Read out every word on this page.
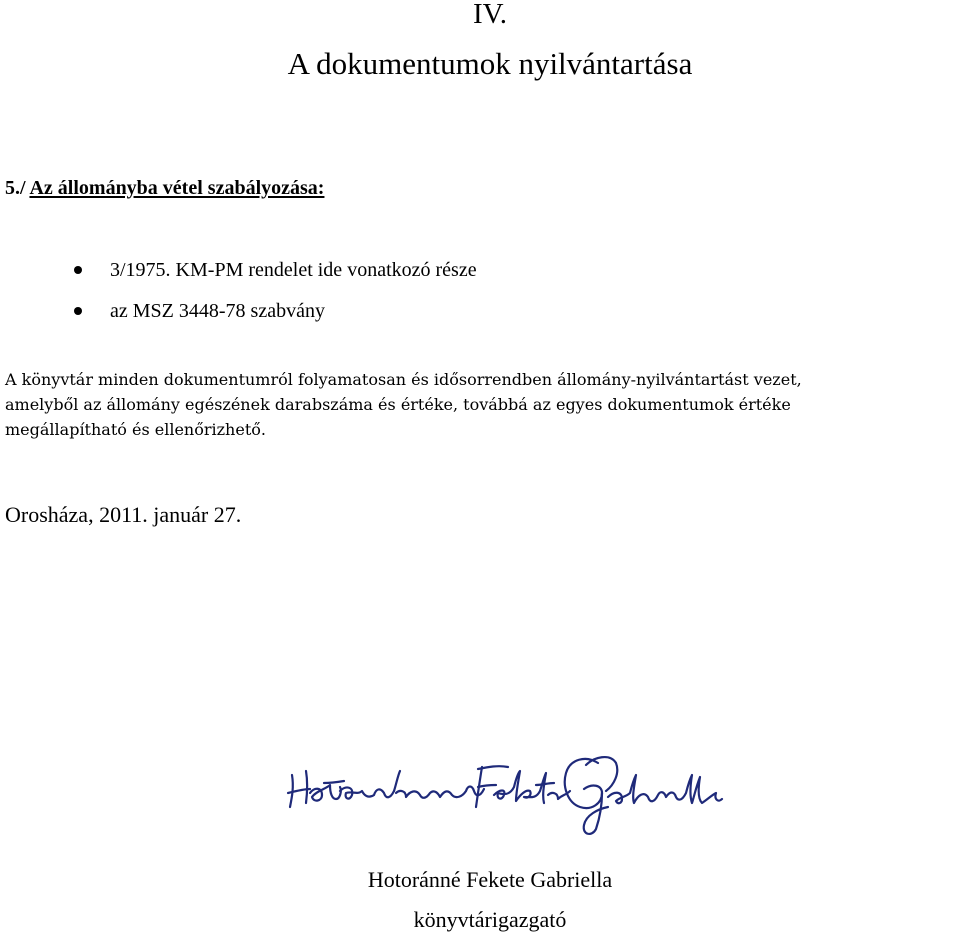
IV.
A dokumentumok nyilvántartása
5./ Az állományba vétel szabályozása:
3/1975. KM-PM rendelet ide vonatkozó része
az MSZ 3448-78 szabvány
A könyvtár minden dokumentumról folyamatosan és idősorrendben állomány-nyilvántartást vezet,
amelyből az állomány egészének darabszáma és értéke, továbbá az egyes dokumentumok értéke
megállapítható és ellenőrizhető.
Orosháza, 2011. január 27.
Hotoránné Fekete Gabriella
könyvtárigazgató
